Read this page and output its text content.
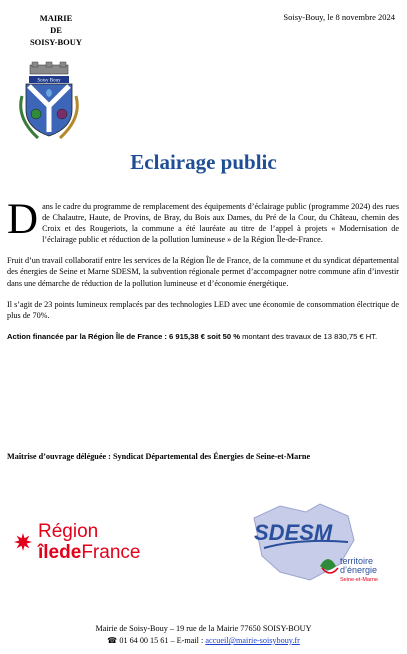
MAIRIE
DE
SOISY-BOUY
Soisy-Bouy, le 8 novembre 2024
Soisy Bouy
Eclairage public

Dans le cadre du programme de remplacement des équipements d’éclairage public (programme 2024) des rues de Chalautre, Haute, de Provins, de Bray, du Bois aux Dames, du Pré de la Cour, du Château, chemin des Croix et des Rougeriots, la commune a été lauréate au titre de l’appel à projets « Modernisation de l’éclairage public et réduction de la pollution lumineuse » de la Région Île-de-France.

Fruit d’un travail collaboratif entre les services de la Région Île de France, de la commune et du syndicat départemental des énergies de Seine et Marne SDESM, la subvention régionale permet d’accompagner notre commune afin d’investir dans une démarche de réduction de la pollution lumineuse et d’économie énergétique.

Il s’agit de 23 points lumineux remplacés par des technologies LED avec une économie de consommation électrique de plus de 70%.

Action financée par la Région Île de France : 6 915,38 € soit 50 % montant des travaux de 13 830,75 € HT.

Maîtrise d’ouvrage déléguée : Syndicat Départemental des Énergies de Seine-et-Marne
Région
îledeFrance
SDESM
territoire
d’énergie
Seine-et-Marne
Mairie de Soisy-Bouy – 19 rue de la Mairie 77650 SOISY-BOUY
☎ 01 64 00 15 61 – E-mail : accueil@mairie-soisybouy.fr
